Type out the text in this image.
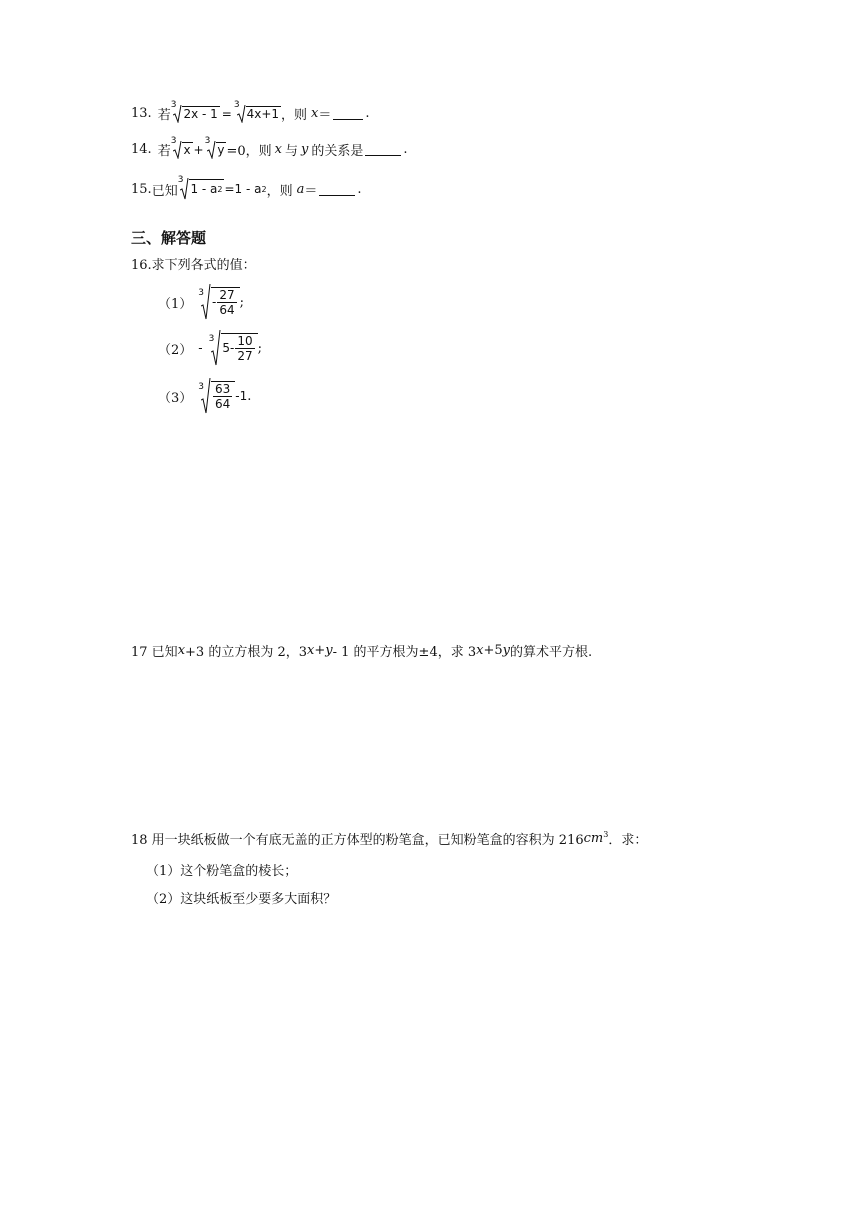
13. 若
3
2x - 1 =
3
4x+1 ，则 x ＝	.
14. 若
3
x +
3
y =0，则 x 与 y 的关系是	.
15. 已知
3
1 - a 2 =1 - a 2 ，则 a ＝	.
三、解答题
16.求下列各式的值：
（1）
3
- $\frac{27}{64}$ ;
（2） -
3
$5- \frac{10}{27}$ ;
（3）
$3 \frac{63}{64} -1$ .
17 已知 x +3 的立方根为 2，3 x + y - 1 的平方根为±4，求 3 x +5 y 的算术平方根.
18 用一块纸板做一个有底无盖的正方体型的粉笔盒，已知粉笔盒的容积为 216 $cm^3$ ．求：
（1）这个粉笔盒的棱长；
（2）这块纸板至少要多大面积？
